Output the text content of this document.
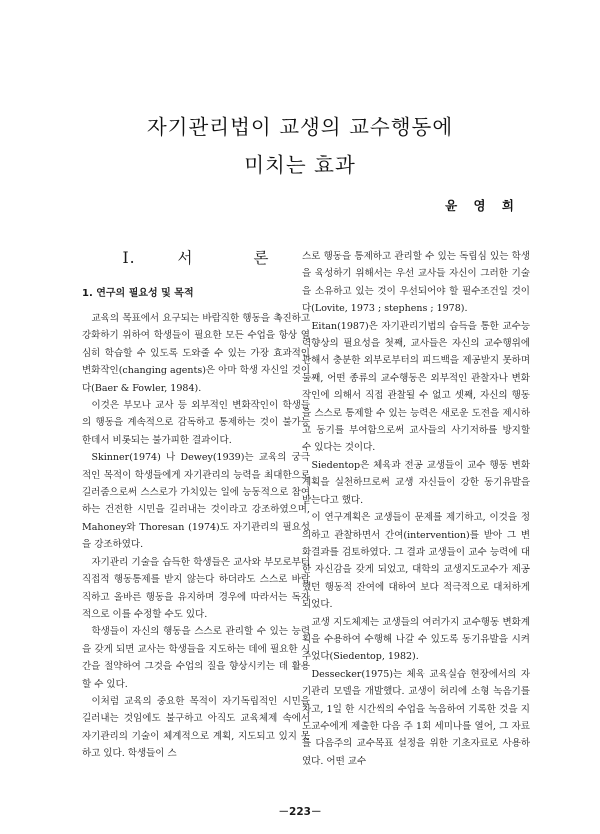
자기관리법이 교생의 교수행동에
미치는 효과
윤 영 희
Ⅰ.	서	론
1. 연구의 필요성 및 목적

교육의 목표에서 요구되는 바람직한 행동을 촉진하고 강화하기 위하여 학생들이 필요한 모든 수업을 항상 열심히 학습할 수 있도록 도와줄 수 있는 가장 효과적인 변화작인(changing agents)은 아마 학생 자신일 것이다(Baer & Fowler, 1984).

이것은 부모나 교사 등 외부적인 변화작인이 학생들의 행동을 계속적으로 감독하고 통제하는 것이 불가능한데서 비롯되는 불가피한 결과이다.

Skinner(1974) 나 Dewey(1939)는 교육의 궁극적인 목적이 학생들에게 자기관리의 능력을 최대한으로 길러줌으로써 스스로가 가치있는 일에 능동적으로 참여하는 건전한 시민을 길러내는 것이라고 강조하였으며, Mahoney와 Thoresan (1974)도 자기관리의 필요성을 강조하였다.

자기관리 기술을 습득한 학생들은 교사와 부모로부터 직접적 행동통제를 받지 않는다 하더라도 스스로 바람직하고 올바른 행동을 유지하며 경우에 따라서는 독자적으로 이를 수정할 수도 있다.

학생들이 자신의 행동을 스스로 관리할 수 있는 능력을 갖게 되면 교사는 학생들을 지도하는 데에 필요한 시간을 절약하여 그것을 수업의 질을 향상시키는 데 활용할 수 있다.

이처럼 교육의 중요한 목적이 자기독립적인 시민을 길러내는 것임에도 불구하고 아직도 교육체제 속에서 자기관리의 기술이 체계적으로 계획, 지도되고 있지 못하고 있다. 학생들이 스

스로 행동을 통제하고 관리할 수 있는 독립심 있는 학생을 육성하기 위해서는 우선 교사들 자신이 그러한 기술을 소유하고 있는 것이 우선되어야 할 필수조건일 것이다(Lovite, 1973 ; stephens ; 1978).

Eitan(1987)은 자기관리기법의 습득을 통한 교수능력향상의 필요성을 첫째, 교사들은 자신의 교수행위에 관해서 충분한 외부로부터의 피드백을 제공받지 못하며 둘째, 어떤 종류의 교수행동은 외부적인 관찰자나 변화작인에 의해서 직접 관찰될 수 없고 셋째, 자신의 행동을 스스로 통제할 수 있는 능력은 새로운 도전을 제시하고 동기를 부여함으로써 교사들의 사기저하를 방지할 수 있다는 것이다.

Siedentop은 체육과 전공 교생들이 교수 행동 변화 계획을 실천하므로써 교생 자신들이 강한 동기유발을 받는다고 했다.

이 연구계획은 교생들이 문제를 제기하고, 이것을 정의하고 관찰하면서 간여(intervention)를 받아 그 변화결과를 검토하였다. 그 결과 교생들이 교수 능력에 대한 자신감을 갖게 되었고, 대학의 교생지도교수가 제공했던 행동적 잔여에 대하여 보다 적극적으로 대처하게 되었다.

교생 지도체제는 교생들의 여러가지 교수행동 변화계획을 수용하여 수행해 나갈 수 있도록 동기유발을 시켜 주었다(Siedentop, 1982).

Dessecker(1975)는 체육 교육실습 현장에서의 자기관리 모델을 개발했다. 교생이 허리에 소형 녹음기를 차고, 1일 한 시간씩의 수업을 녹음하여 기록한 것을 지도교수에게 제출한 다음 주 1회 세미나를 열어, 그 자료를 다음주의 교수목표 설정을 위한 기초자료로 사용하였다. 어떤 교수

－223－
